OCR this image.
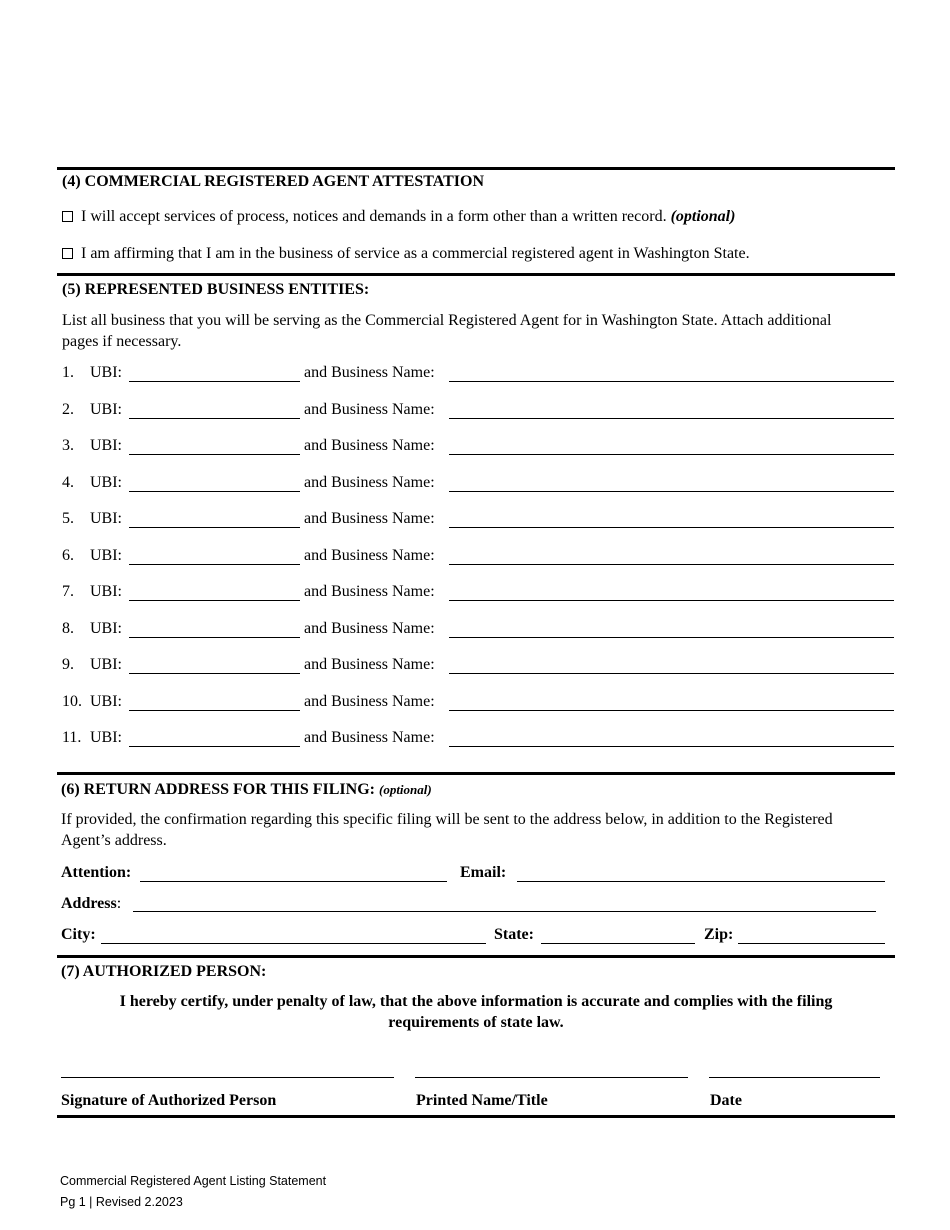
(4) COMMERCIAL REGISTERED AGENT ATTESTATION
I will accept services of process, notices and demands in a form other than a written record. (optional)
I am affirming that I am in the business of service as a commercial registered agent in Washington State.
(5) REPRESENTED BUSINESS ENTITIES:
List all business that you will be serving as the Commercial Registered Agent for in Washington State. Attach additional
pages if necessary.
1. UBI:	and Business Name:
2. UBI:	and Business Name:
3. UBI:	and Business Name:
4. UBI:	and Business Name:
5. UBI:	and Business Name:
6. UBI:	and Business Name:
7. UBI:	and Business Name:
8. UBI:	and Business Name:
9. UBI:	and Business Name:
10. UBI:	and Business Name:
11. UBI:	and Business Name:
(6) RETURN ADDRESS FOR THIS FILING: (optional)
If provided, the confirmation regarding this specific filing will be sent to the address below, in addition to the Registered
Agent’s address.
Attention:	Email:
Address:
City:	State:	Zip:
(7) AUTHORIZED PERSON:
I hereby certify, under penalty of law, that the above information is accurate and complies with the filing
requirements of state law.
Signature of Authorized Person	Printed Name/Title	Date
Commercial Registered Agent Listing Statement
Pg 1 | Revised 2.2023
